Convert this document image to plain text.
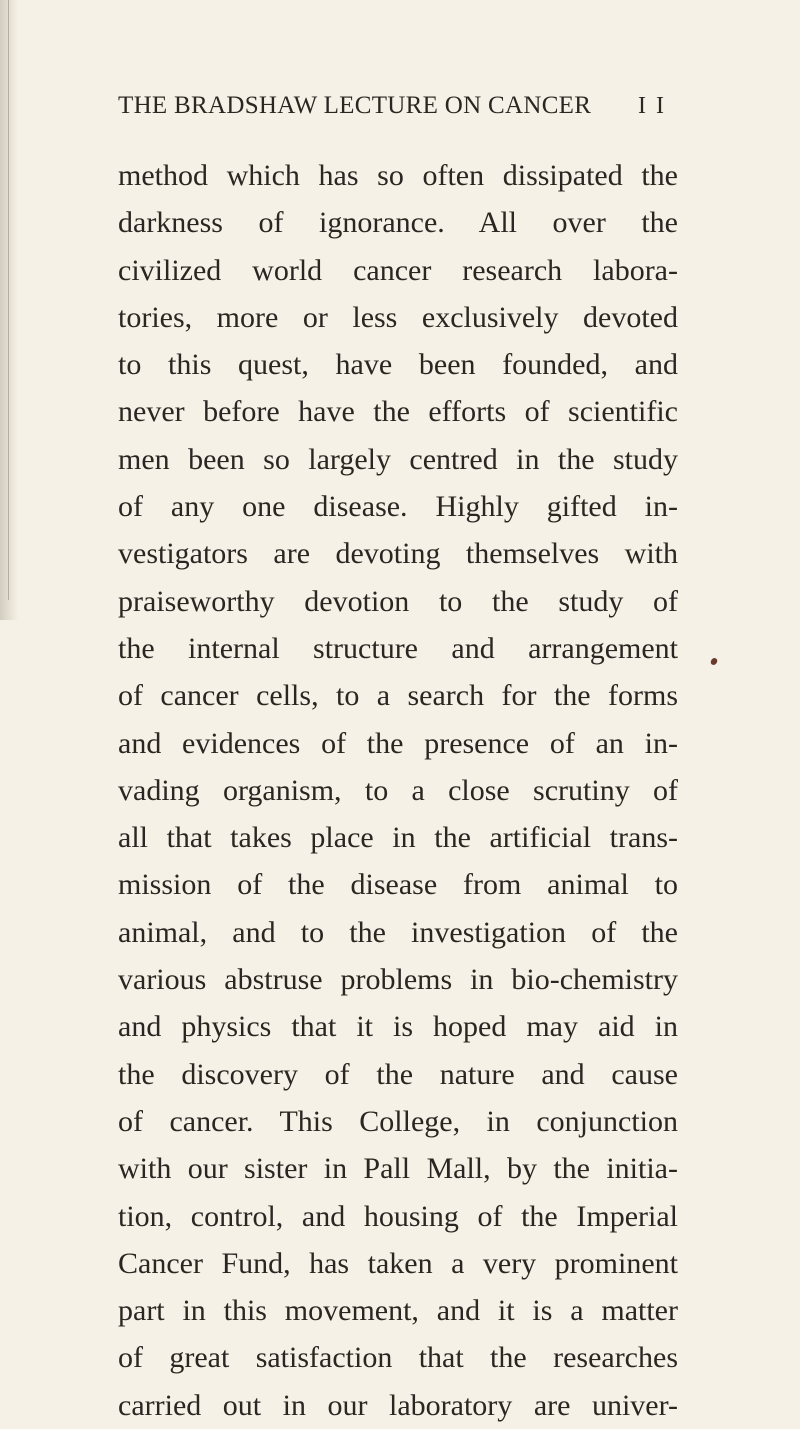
THE BRADSHAW LECTURE ON CANCER I I
method which has so often dissipated the
darkness of ignorance. All over the
civilized world cancer research labora-
tories, more or less exclusively devoted
to this quest, have been founded, and
never before have the efforts of scientific
men been so largely centred in the study
of any one disease. Highly gifted in-
vestigators are devoting themselves with
praiseworthy devotion to the study of
the internal structure and arrangement
of cancer cells, to a search for the forms
and evidences of the presence of an in-
vading organism, to a close scrutiny of
all that takes place in the artificial trans-
mission of the disease from animal to
animal, and to the investigation of the
various abstruse problems in bio-chemistry
and physics that it is hoped may aid in
the discovery of the nature and cause
of cancer. This College, in conjunction
with our sister in Pall Mall, by the initia-
tion, control, and housing of the Imperial
Cancer Fund, has taken a very prominent
part in this movement, and it is a matter
of great satisfaction that the researches
carried out in our laboratory are univer-
